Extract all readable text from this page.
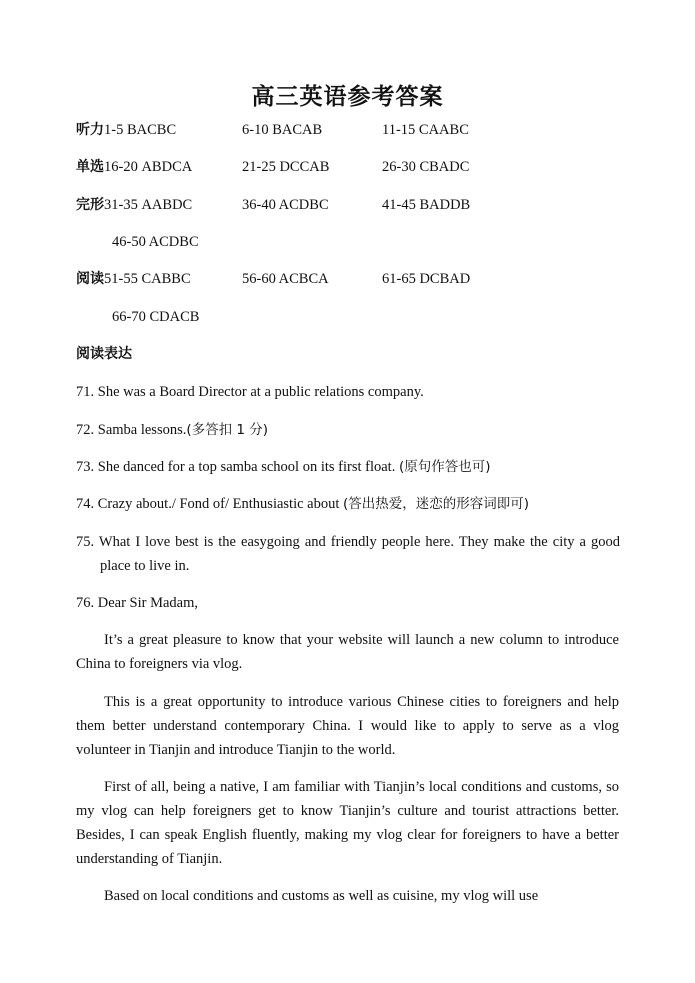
高三英语参考答案
听力1-5 BACBC	6-10 BACAB	11-15 CAABC
单选16-20 ABDCA	21-25 DCCAB	26-30 CBADC
完形31-35 AABDC	36-40 ACDBC	41-45 BADDB
46-50 ACDBC
阅读51-55 CABBC	56-60 ACBCA	61-65 DCBAD
66-70 CDACB
阅读表达
71. She was a Board Director at a public relations company.
72. Samba lessons.(多答扣 1 分)
73. She danced for a top samba school on its first float. (原句作答也可)
74. Crazy about./ Fond of/ Enthusiastic about (答出热爱，迷恋的形容词即可)
75. What I love best is the easygoing and friendly people here. They make the city a good place to live in.
76. Dear Sir Madam,
It’s a great pleasure to know that your website will launch a new column to introduce China to foreigners via vlog.
This is a great opportunity to introduce various Chinese cities to foreigners and help them better understand contemporary China. I would like to apply to serve as a vlog volunteer in Tianjin and introduce Tianjin to the world.
First of all, being a native, I am familiar with Tianjin’s local conditions and customs, so my vlog can help foreigners get to know Tianjin’s culture and tourist attractions better. Besides, I can speak English fluently, making my vlog clear for foreigners to have a better understanding of Tianjin.
Based on local conditions and customs as well as cuisine, my vlog will use
